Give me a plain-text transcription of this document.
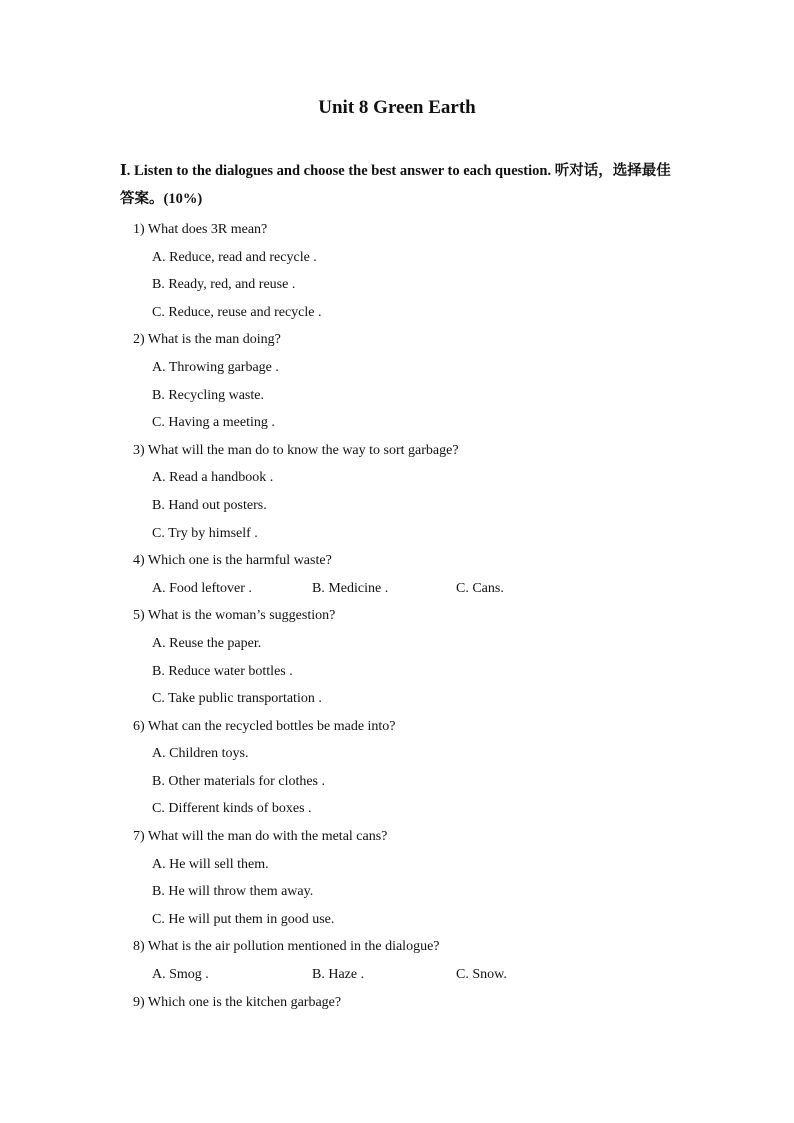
Unit 8 Green Earth
Ⅰ. Listen to the dialogues and choose the best answer to each question. 听对话，选择最佳答案。(10%)
1) What does 3R mean?
A. Reduce, read and recycle .
B. Ready, red, and reuse .
C. Reduce, reuse and recycle .
2) What is the man doing?
A. Throwing garbage .
B. Recycling waste.
C. Having a meeting .
3) What will the man do to know the way to sort garbage?
A. Read a handbook .
B. Hand out posters.
C. Try by himself .
4) Which one is the harmful waste?
A. Food leftover .	B. Medicine .	C. Cans.
5) What is the woman’s suggestion?
A. Reuse the paper.
B. Reduce water bottles .
C. Take public transportation .
6) What can the recycled bottles be made into?
A. Children toys.
B. Other materials for clothes .
C. Different kinds of boxes .
7) What will the man do with the metal cans?
A. He will sell them.
B. He will throw them away.
C. He will put them in good use.
8) What is the air pollution mentioned in the dialogue?
A. Smog .	B. Haze .	C. Snow.
9) Which one is the kitchen garbage?
